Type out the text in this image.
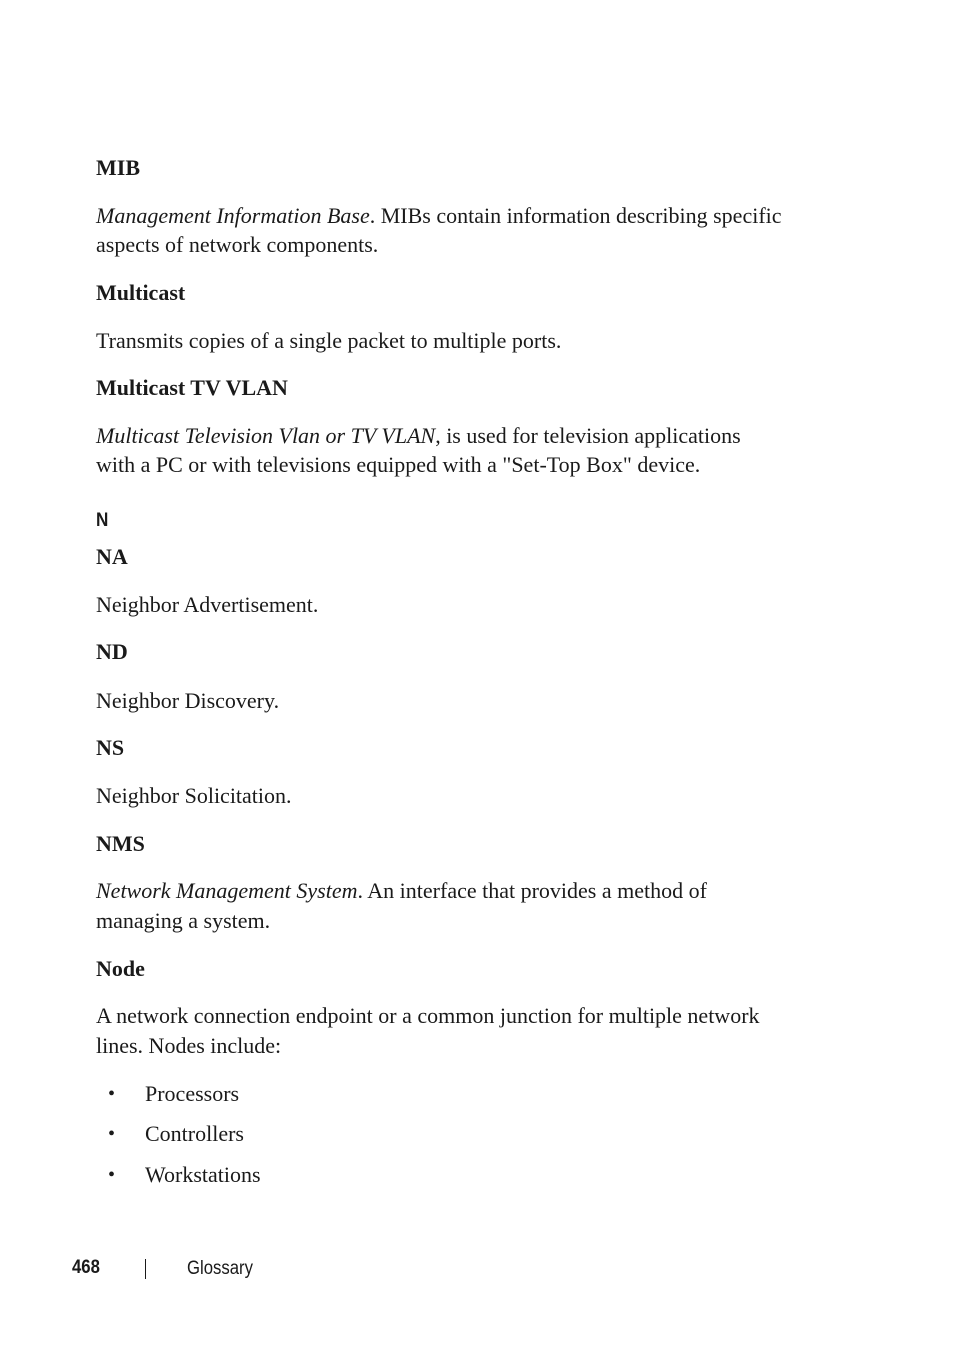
MIB
Management Information Base. MIBs contain information describing specific
aspects of network components.
Multicast
Transmits copies of a single packet to multiple ports.
Multicast TV VLAN
Multicast Television Vlan or TV VLAN, is used for television applications
with a PC or with televisions equipped with a "Set-Top Box" device.
N
NA
Neighbor Advertisement.
ND
Neighbor Discovery.
NS
Neighbor Solicitation.
NMS
Network Management System. An interface that provides a method of
managing a system.
Node
A network connection endpoint or a common junction for multiple network
lines. Nodes include:
• Processors
• Controllers
• Workstations
468	Glossary
